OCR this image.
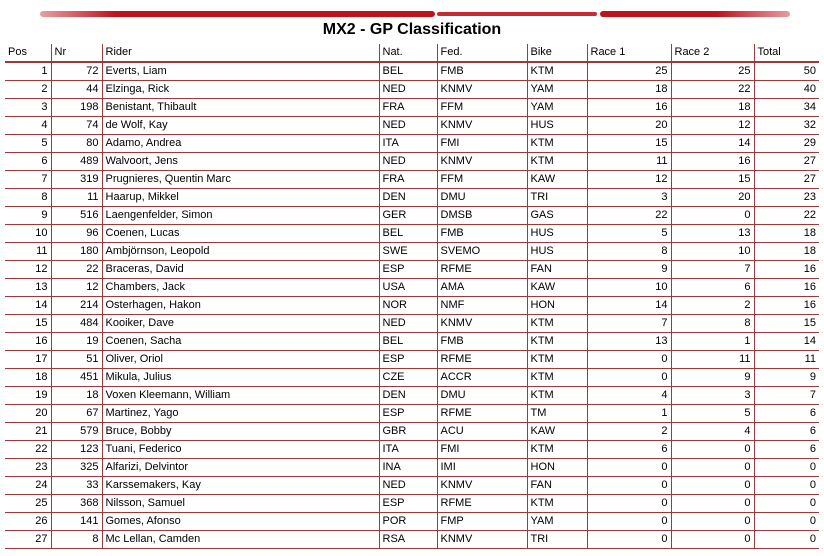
MX2 - GP Classification
Pos	Nr	Rider	Nat.	Fed.	Bike	Race 1	Race 2	Total
1	72	Everts, Liam	BEL	FMB	KTM	25	25	50
2	44	Elzinga, Rick	NED	KNMV	YAM	18	22	40
3	198	Benistant, Thibault	FRA	FFM	YAM	16	18	34
4	74	de Wolf, Kay	NED	KNMV	HUS	20	12	32
5	80	Adamo, Andrea	ITA	FMI	KTM	15	14	29
6	489	Walvoort, Jens	NED	KNMV	KTM	11	16	27
7	319	Prugnieres, Quentin Marc	FRA	FFM	KAW	12	15	27
8	11	Haarup, Mikkel	DEN	DMU	TRI	3	20	23
9	516	Laengenfelder, Simon	GER	DMSB	GAS	22	0	22
10	96	Coenen, Lucas	BEL	FMB	HUS	5	13	18
11	180	Ambjörnson, Leopold	SWE	SVEMO	HUS	8	10	18
12	22	Braceras, David	ESP	RFME	FAN	9	7	16
13	12	Chambers, Jack	USA	AMA	KAW	10	6	16
14	214	Osterhagen, Hakon	NOR	NMF	HON	14	2	16
15	484	Kooiker, Dave	NED	KNMV	KTM	7	8	15
16	19	Coenen, Sacha	BEL	FMB	KTM	13	1	14
17	51	Oliver, Oriol	ESP	RFME	KTM	0	11	11
18	451	Mikula, Julius	CZE	ACCR	KTM	0	9	9
19	18	Voxen Kleemann, William	DEN	DMU	KTM	4	3	7
20	67	Martinez, Yago	ESP	RFME	TM	1	5	6
21	579	Bruce, Bobby	GBR	ACU	KAW	2	4	6
22	123	Tuani, Federico	ITA	FMI	KTM	6	0	6
23	325	Alfarizi, Delvintor	INA	IMI	HON	0	0	0
24	33	Karssemakers, Kay	NED	KNMV	FAN	0	0	0
25	368	Nilsson, Samuel	ESP	RFME	KTM	0	0	0
26	141	Gomes, Afonso	POR	FMP	YAM	0	0	0
27	8	Mc Lellan, Camden	RSA	KNMV	TRI	0	0	0
